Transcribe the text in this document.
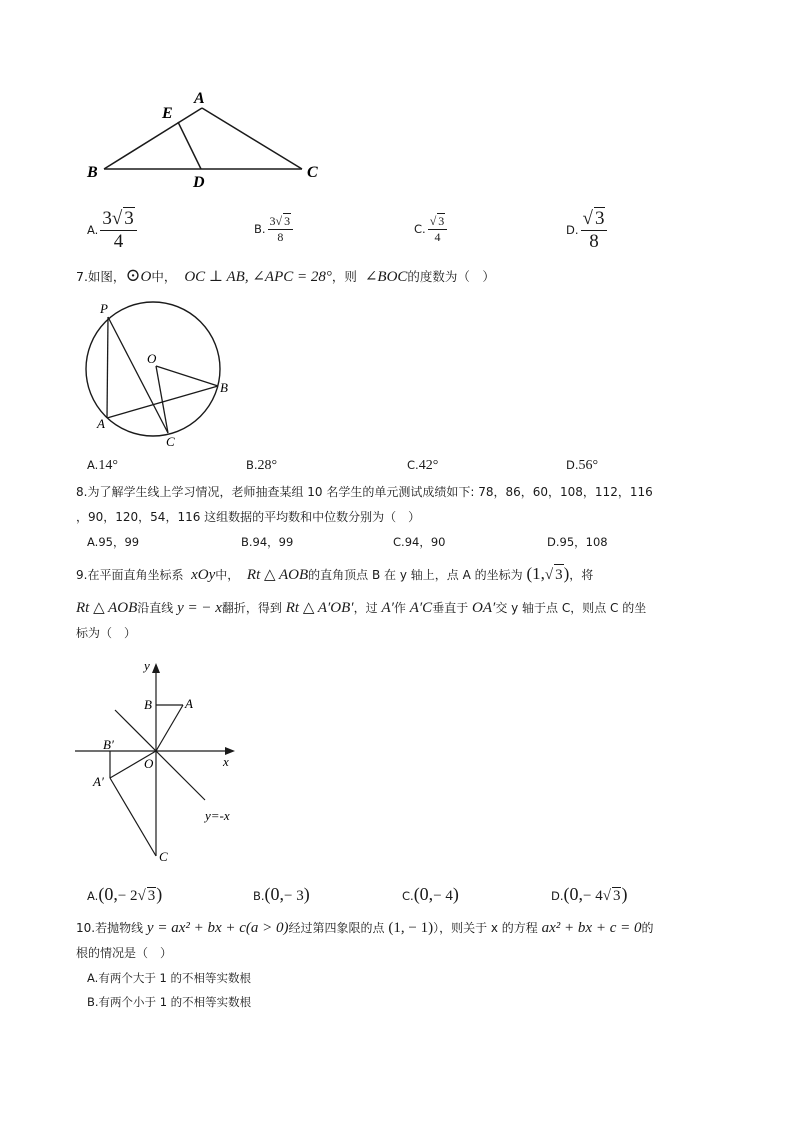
A
E
B
D
C
A. $\frac{3√ 3}{4}$	B. $\frac{3√ 3}{8}$	C. $\frac{√ 3}{4}$	D. $\frac{√ 3}{8}$
7.如图，⊙O中， OC ⊥ AB, ∠APC = 28°，则 ∠BOC的度数为（　）
P
O
B
A
C
A.14°	B.28°	C.42°	D.56°
8.为了解学生线上学习情况，老师抽查某组 10 名学生的单元测试成绩如下: 78，86，60，108，112，116
，90，120，54，116 这组数据的平均数和中位数分别为（　）
A.95，99	B.94，99	C.94，90	D.95，108
9.在平面直角坐标系 xOy中， Rt △ AOB的直角顶点 B 在 y 轴上，点 A 的坐标为 (1,√ 3)，将
Rt △ AOB沿直线 y = − x翻折，得到 Rt △ A′OB′，过 A′作 A′C垂直于 OA′交 y 轴于点 C，则点 C 的坐
标为（　）
y
x
B	A
B′
O
A′
y=-x
C
A.(0,− 2√ 3)	B.(0,− 3)	C.(0,− 4)	D.(0,− 4√ 3)
10.若抛物线 y = ax² + bx + c(a > 0)经过第四象限的点 (1, − 1)），则关于 x 的方程 ax² + bx + c = 0的
根的情况是（　）
A.有两个大于 1 的不相等实数根
B.有两个小于 1 的不相等实数根
